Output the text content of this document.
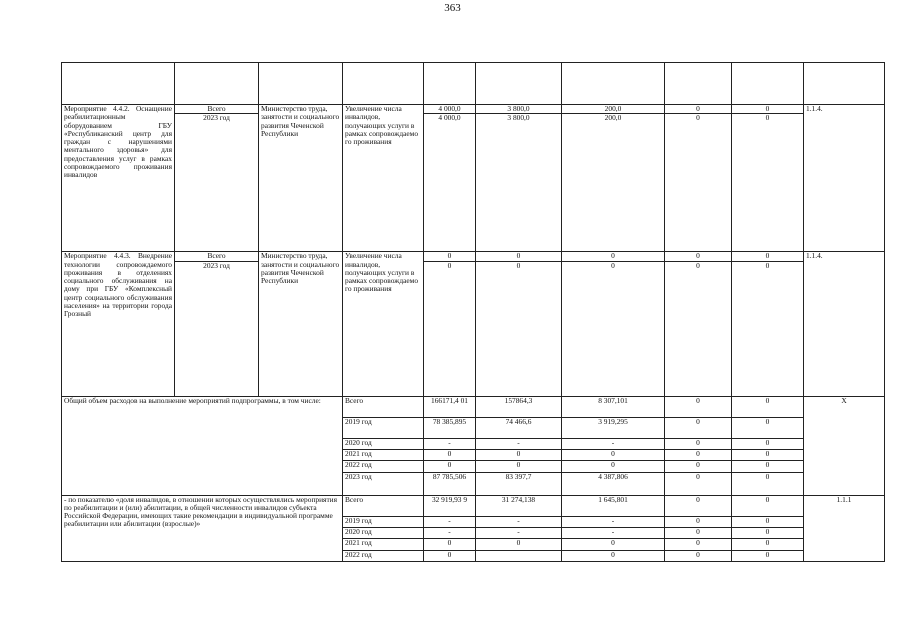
363

Мероприятие 4.4.2. Оснащение реабилитационным оборудованием ГБУ «Республиканский центр для граждан с нарушениями ментального здоровья» для предоставления услуг в рамках сопровождаемого проживания инвалидов	Всего	Министерство труда, занятости и социального развития Чеченской Республики	Увеличение числа инвалидов, получающих услуги в рамках сопровождаемо го проживания	4 000,0	3 800,0	200,0	0	0	1.1.4.
	2023 год			4 000,0	3 800,0	200,0	0	0	
Мероприятие 4.4.3. Внедрение технологии сопровождаемого проживания в отделениях социального обслуживания на дому при ГБУ «Комплексный центр социального обслуживания населения» на территории города Грозный	Всего	Министерство труда, занятости и социального развития Чеченской Республики	Увеличение числа инвалидов, получающих услуги в рамках сопровождаемо го проживания	0	0	0	0	0	1.1.4.
	2023 год			0	0	0	0	0	
Общий объем расходов на выполнение мероприятий подпрограммы, в том числе:			Всего	166171,4 01	157864,3	8 307,101	0	0	Х
			2019 год	78 385,895	74 466,6	3 919,295	0	0	
			2020 год	-	-	-	0	0	
			2021 год	0	0	0	0	0	
			2022 год	0	0	0	0	0	
			2023 год	87 785,506	83 397,7	4 387,806	0	0	
- по показателю «доля инвалидов, в отношении которых осуществлялись мероприятия по реабилитации и (или) абилитации, в общей численности инвалидов субъекта Российской Федерации, имеющих такие рекомендации в индивидуальной программе реабилитации или абилитации (взрослые)»			Всего	32 919,93 9	31 274,138	1 645,801	0	0	1.1.1
			2019 год	-	-	-	0	0	
			2020 год	-	-	-	0	0	
			2021 год	0	0	0	0	0	
			2022 год	0		0	0	0	
